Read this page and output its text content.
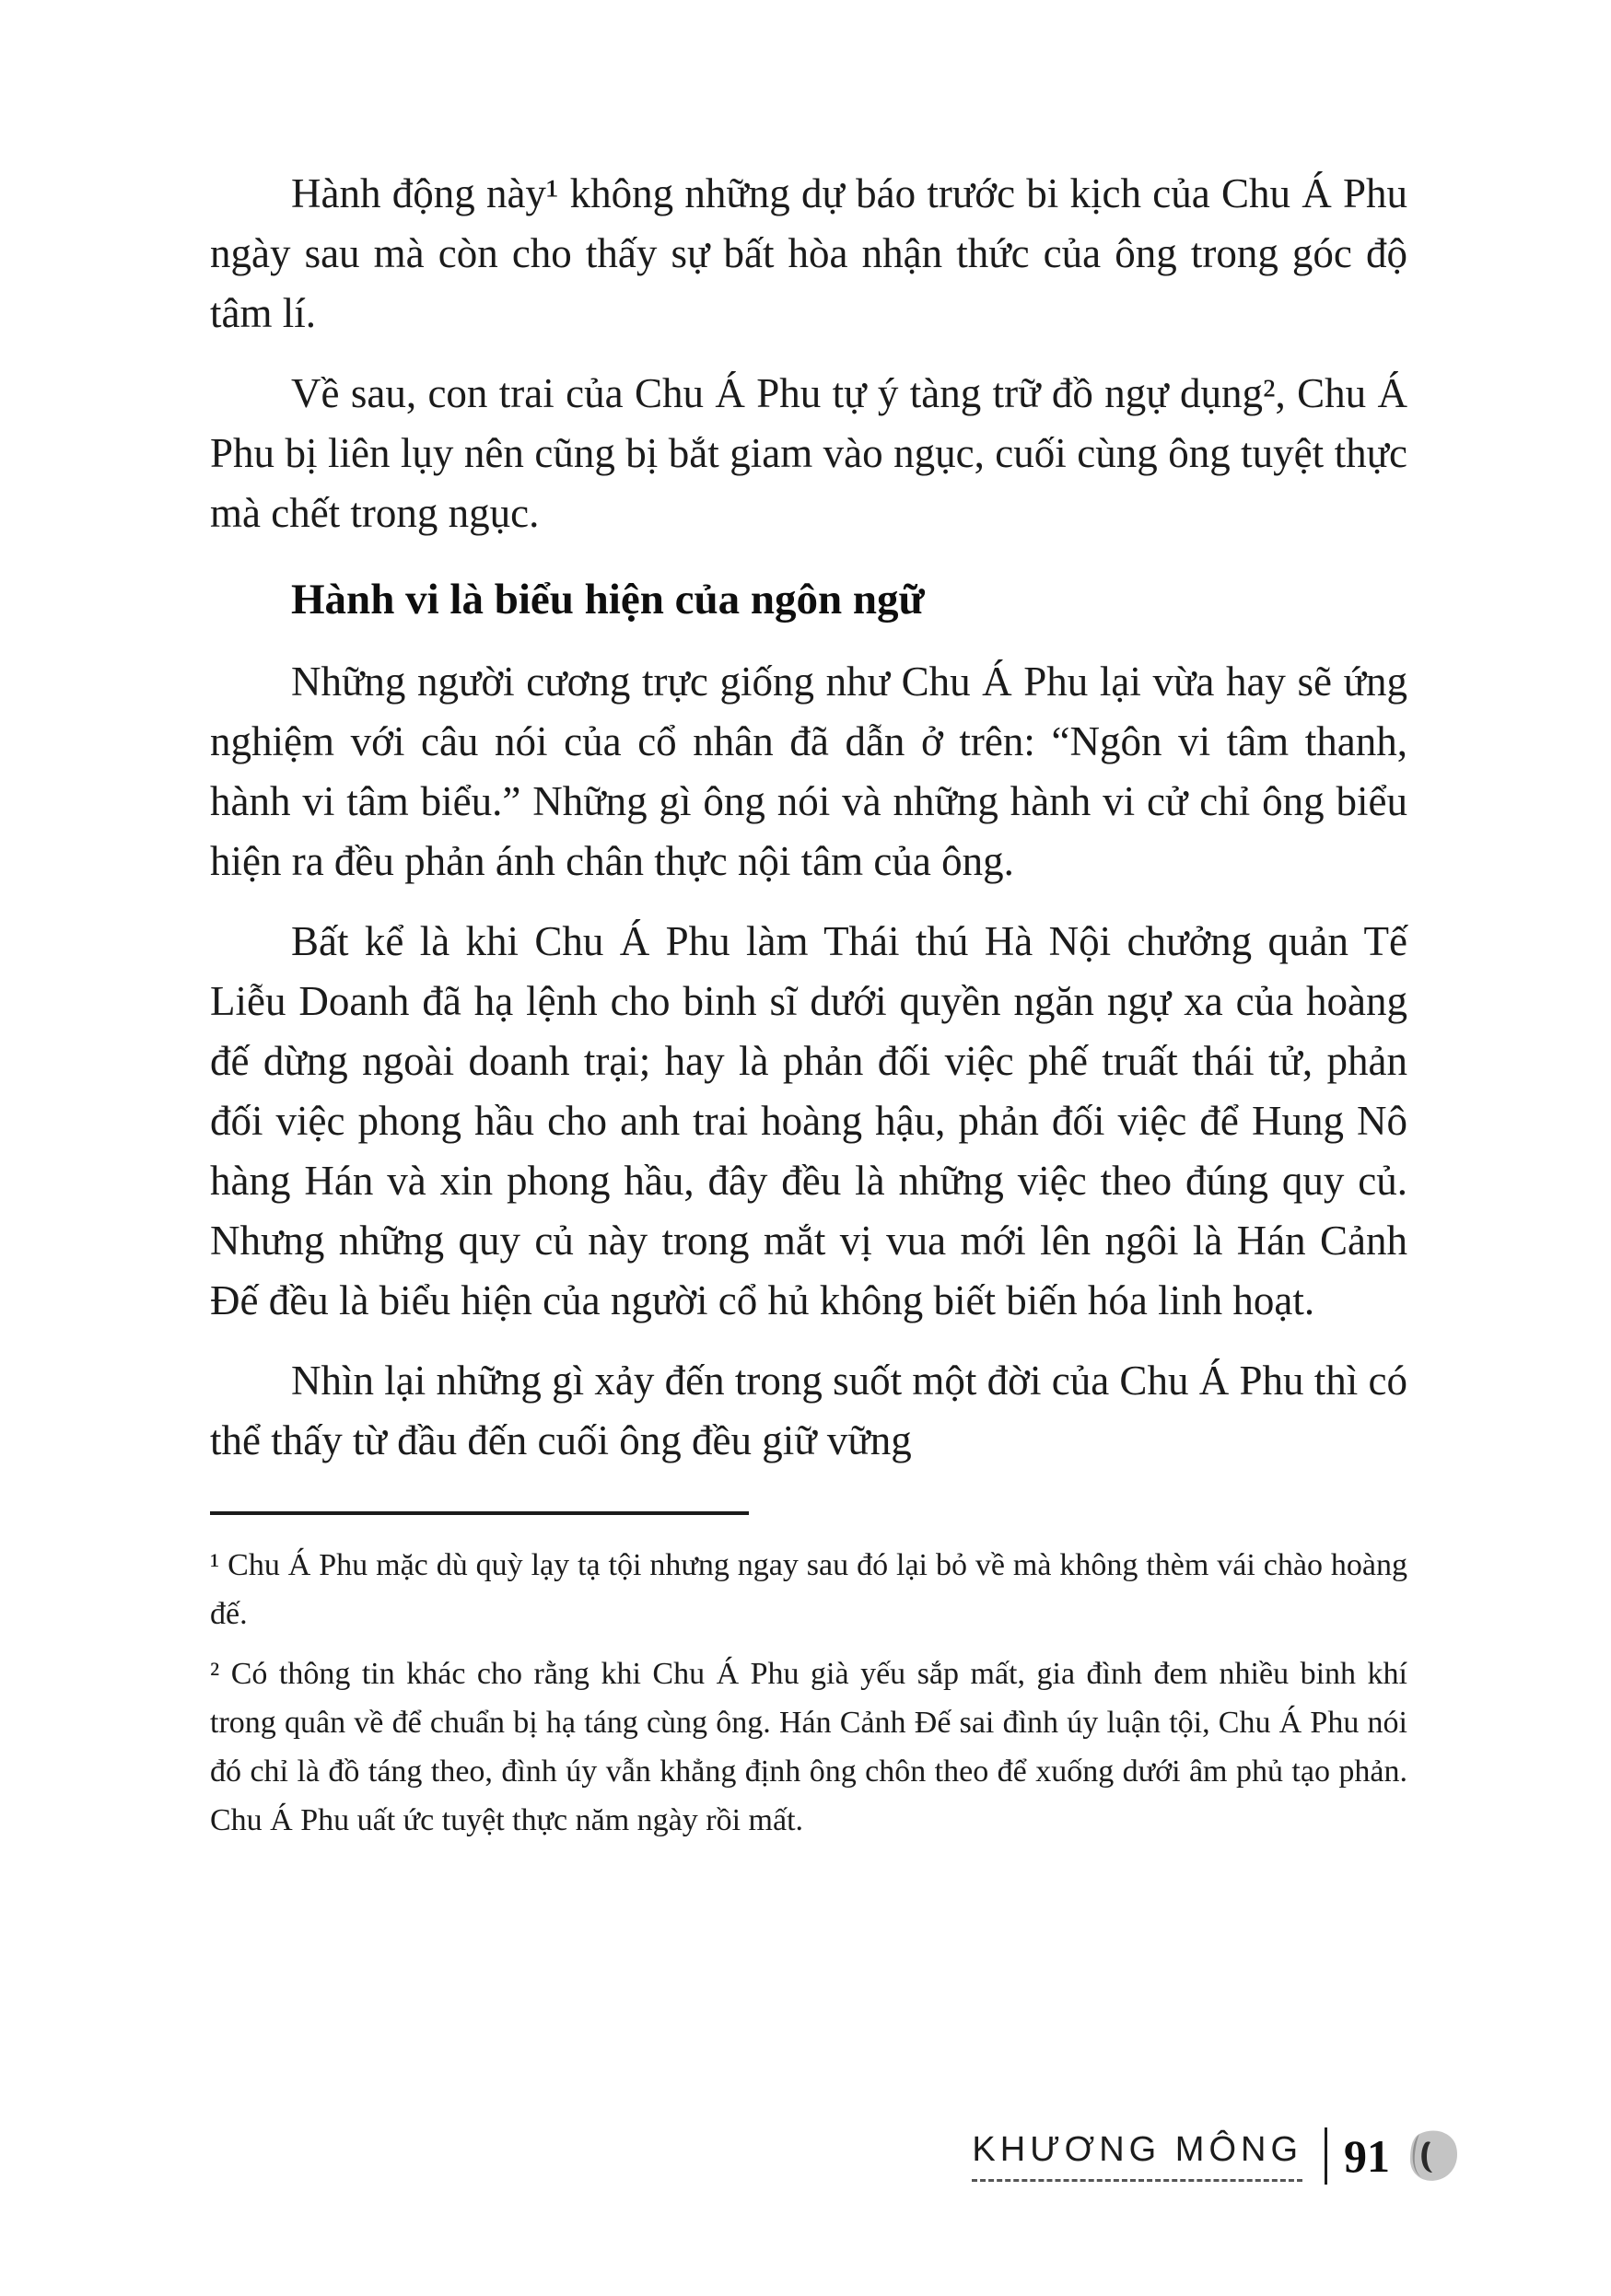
Hành động này¹ không những dự báo trước bi kịch của Chu Á Phu ngày sau mà còn cho thấy sự bất hòa nhận thức của ông trong góc độ tâm lí.

Về sau, con trai của Chu Á Phu tự ý tàng trữ đồ ngự dụng², Chu Á Phu bị liên lụy nên cũng bị bắt giam vào ngục, cuối cùng ông tuyệt thực mà chết trong ngục.

Hành vi là biểu hiện của ngôn ngữ

Những người cương trực giống như Chu Á Phu lại vừa hay sẽ ứng nghiệm với câu nói của cổ nhân đã dẫn ở trên: “Ngôn vi tâm thanh, hành vi tâm biểu.” Những gì ông nói và những hành vi cử chỉ ông biểu hiện ra đều phản ánh chân thực nội tâm của ông.

Bất kể là khi Chu Á Phu làm Thái thú Hà Nội chưởng quản Tế Liễu Doanh đã hạ lệnh cho binh sĩ dưới quyền ngăn ngự xa của hoàng đế dừng ngoài doanh trại; hay là phản đối việc phế truất thái tử, phản đối việc phong hầu cho anh trai hoàng hậu, phản đối việc để Hung Nô hàng Hán và xin phong hầu, đây đều là những việc theo đúng quy củ. Nhưng những quy củ này trong mắt vị vua mới lên ngôi là Hán Cảnh Đế đều là biểu hiện của người cổ hủ không biết biến hóa linh hoạt.

Nhìn lại những gì xảy đến trong suốt một đời của Chu Á Phu thì có thể thấy từ đầu đến cuối ông đều giữ vững

¹ Chu Á Phu mặc dù quỳ lạy tạ tội nhưng ngay sau đó lại bỏ về mà không thèm vái chào hoàng đế.

² Có thông tin khác cho rằng khi Chu Á Phu già yếu sắp mất, gia đình đem nhiều binh khí trong quân về để chuẩn bị hạ táng cùng ông. Hán Cảnh Đế sai đình úy luận tội, Chu Á Phu nói đó chỉ là đồ táng theo, đình úy vẫn khẳng định ông chôn theo để xuống dưới âm phủ tạo phản. Chu Á Phu uất ức tuyệt thực năm ngày rồi mất.

KHƯƠNG MÔNG 91
